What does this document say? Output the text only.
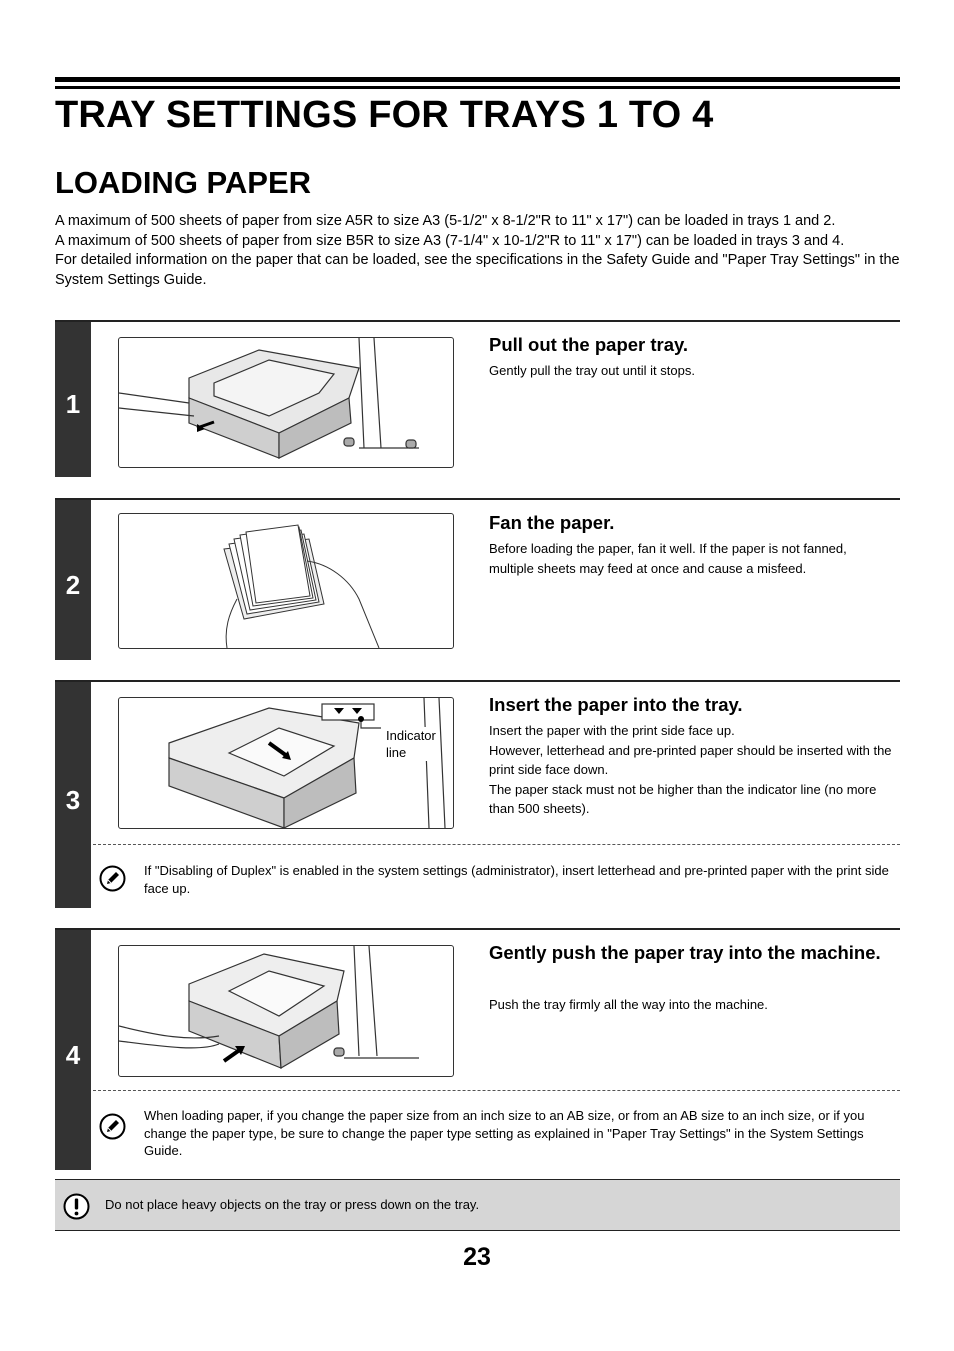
TRAY SETTINGS FOR TRAYS 1 TO 4
LOADING PAPER

A maximum of 500 sheets of paper from size A5R to size A3 (5-1/2" x 8-1/2"R to 11" x 17") can be loaded in trays 1 and 2.

A maximum of 500 sheets of paper from size B5R to size A3 (7-1/4" x 10-1/2"R to 11" x 17") can be loaded in trays 3 and 4.

For detailed information on the paper that can be loaded, see the specifications in the Safety Guide and "Paper Tray Settings" in the System Settings Guide.

1
Pull out the paper tray.

Gently pull the tray out until it stops.

2
Fan the paper.

Before loading the paper, fan it well. If the paper is not fanned, multiple sheets may feed at once and cause a misfeed.

3
Indicator
line
Insert the paper into the tray.

Insert the paper with the print side face up.

However, letterhead and pre-printed paper should be inserted with the print side face down.

The paper stack must not be higher than the indicator line (no more than 500 sheets).

If "Disabling of Duplex" is enabled in the system settings (administrator), insert letterhead and pre-printed paper with the print side face up.
4
Gently push the paper tray into the machine.

Push the tray firmly all the way into the machine.

When loading paper, if you change the paper size from an inch size to an AB size, or from an AB size to an inch size, or if you change the paper type, be sure to change the paper type setting as explained in "Paper Tray Settings" in the System Settings Guide.
Do not place heavy objects on the tray or press down on the tray.
23
